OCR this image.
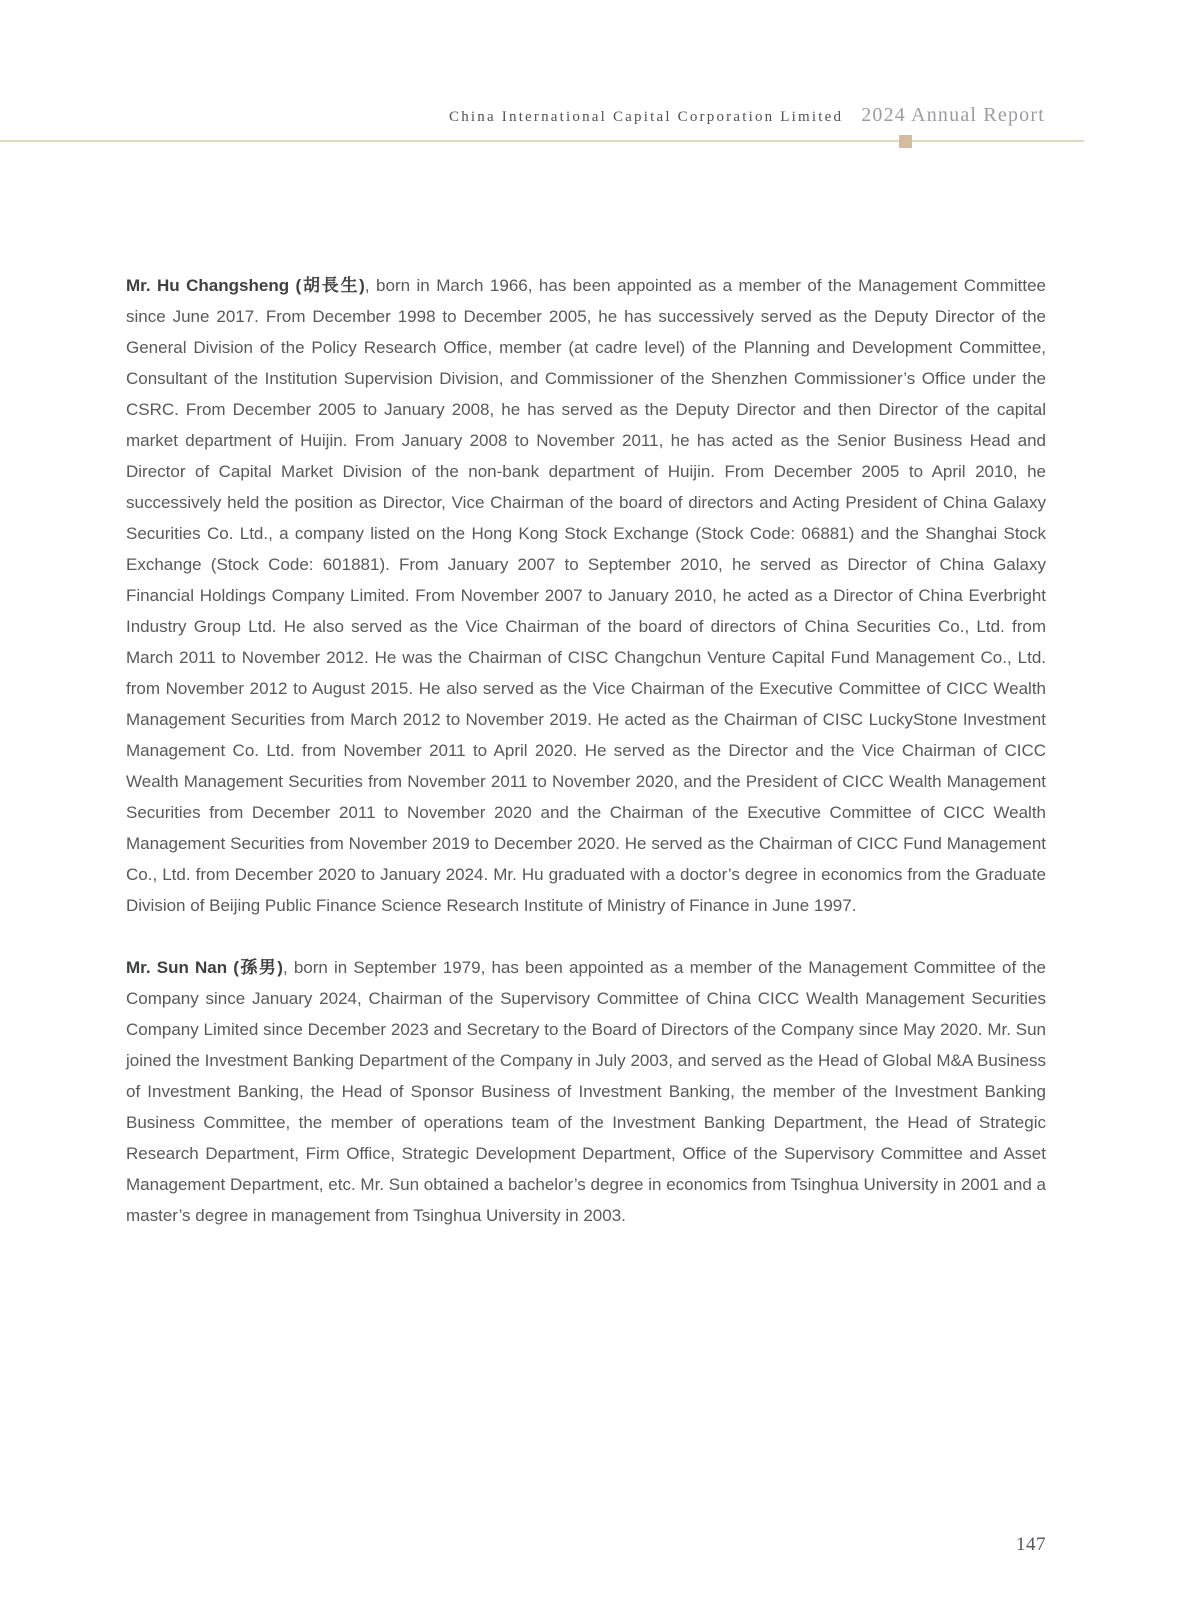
China International Capital Corporation Limited 2024 Annual Report

Mr. Hu Changsheng (胡長生), born in March 1966, has been appointed as a member of the Management Committee since June 2017. From December 1998 to December 2005, he has successively served as the Deputy Director of the General Division of the Policy Research Office, member (at cadre level) of the Planning and Development Committee, Consultant of the Institution Supervision Division, and Commissioner of the Shenzhen Commissioner’s Office under the CSRC. From December 2005 to January 2008, he has served as the Deputy Director and then Director of the capital market department of Huijin. From January 2008 to November 2011, he has acted as the Senior Business Head and Director of Capital Market Division of the non-bank department of Huijin. From December 2005 to April 2010, he successively held the position as Director, Vice Chairman of the board of directors and Acting President of China Galaxy Securities Co. Ltd., a company listed on the Hong Kong Stock Exchange (Stock Code: 06881) and the Shanghai Stock Exchange (Stock Code: 601881). From January 2007 to September 2010, he served as Director of China Galaxy Financial Holdings Company Limited. From November 2007 to January 2010, he acted as a Director of China Everbright Industry Group Ltd. He also served as the Vice Chairman of the board of directors of China Securities Co., Ltd. from March 2011 to November 2012. He was the Chairman of CISC Changchun Venture Capital Fund Management Co., Ltd. from November 2012 to August 2015. He also served as the Vice Chairman of the Executive Committee of CICC Wealth Management Securities from March 2012 to November 2019. He acted as the Chairman of CISC LuckyStone Investment Management Co. Ltd. from November 2011 to April 2020. He served as the Director and the Vice Chairman of CICC Wealth Management Securities from November 2011 to November 2020, and the President of CICC Wealth Management Securities from December 2011 to November 2020 and the Chairman of the Executive Committee of CICC Wealth Management Securities from November 2019 to December 2020. He served as the Chairman of CICC Fund Management Co., Ltd. from December 2020 to January 2024. Mr. Hu graduated with a doctor’s degree in economics from the Graduate Division of Beijing Public Finance Science Research Institute of Ministry of Finance in June 1997.

Mr. Sun Nan (孫男), born in September 1979, has been appointed as a member of the Management Committee of the Company since January 2024, Chairman of the Supervisory Committee of China CICC Wealth Management Securities Company Limited since December 2023 and Secretary to the Board of Directors of the Company since May 2020. Mr. Sun joined the Investment Banking Department of the Company in July 2003, and served as the Head of Global M&A Business of Investment Banking, the Head of Sponsor Business of Investment Banking, the member of the Investment Banking Business Committee, the member of operations team of the Investment Banking Department, the Head of Strategic Research Department, Firm Office, Strategic Development Department, Office of the Supervisory Committee and Asset Management Department, etc. Mr. Sun obtained a bachelor’s degree in economics from Tsinghua University in 2001 and a master’s degree in management from Tsinghua University in 2003.

147
